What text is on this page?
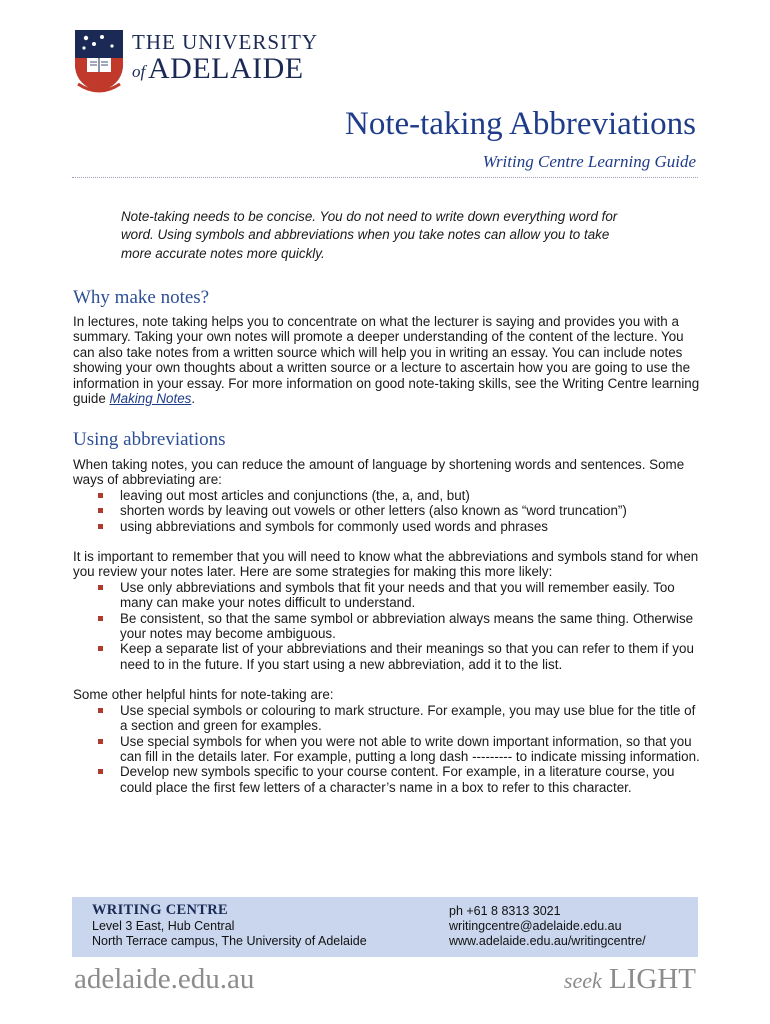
THE UNIVERSITY
of ADELAIDE
Note-taking Abbreviations
Writing Centre Learning Guide
Note-taking needs to be concise. You do not need to write down everything word for word. Using symbols and abbreviations when you take notes can allow you to take more accurate notes more quickly.
Why make notes?
In lectures, note taking helps you to concentrate on what the lecturer is saying and provides you with a summary. Taking your own notes will promote a deeper understanding of the content of the lecture. You can also take notes from a written source which will help you in writing an essay. You can include notes showing your own thoughts about a written source or a lecture to ascertain how you are going to use the information in your essay. For more information on good note-taking skills, see the Writing Centre learning guide Making Notes.
Using abbreviations
When taking notes, you can reduce the amount of language by shortening words and sentences. Some ways of abbreviating are:
leaving out most articles and conjunctions (the, a, and, but)
shorten words by leaving out vowels or other letters (also known as “word truncation”)
using abbreviations and symbols for commonly used words and phrases
It is important to remember that you will need to know what the abbreviations and symbols stand for when you review your notes later. Here are some strategies for making this more likely:
Use only abbreviations and symbols that fit your needs and that you will remember easily. Too many can make your notes difficult to understand.
Be consistent, so that the same symbol or abbreviation always means the same thing. Otherwise your notes may become ambiguous.
Keep a separate list of your abbreviations and their meanings so that you can refer to them if you need to in the future. If you start using a new abbreviation, add it to the list.
Some other helpful hints for note-taking are:
Use special symbols or colouring to mark structure. For example, you may use blue for the title of a section and green for examples.
Use special symbols for when you were not able to write down important information, so that you can fill in the details later. For example, putting a long dash --------- to indicate missing information.
Develop new symbols specific to your course content. For example, in a literature course, you could place the first few letters of a character’s name in a box to refer to this character.
WRITING CENTRE
Level 3 East, Hub Central
North Terrace campus, The University of Adelaide
ph +61 8 8313 3021
writingcentre@adelaide.edu.au
www.adelaide.edu.au/writingcentre/
adelaide.edu.au	seek LIGHT
